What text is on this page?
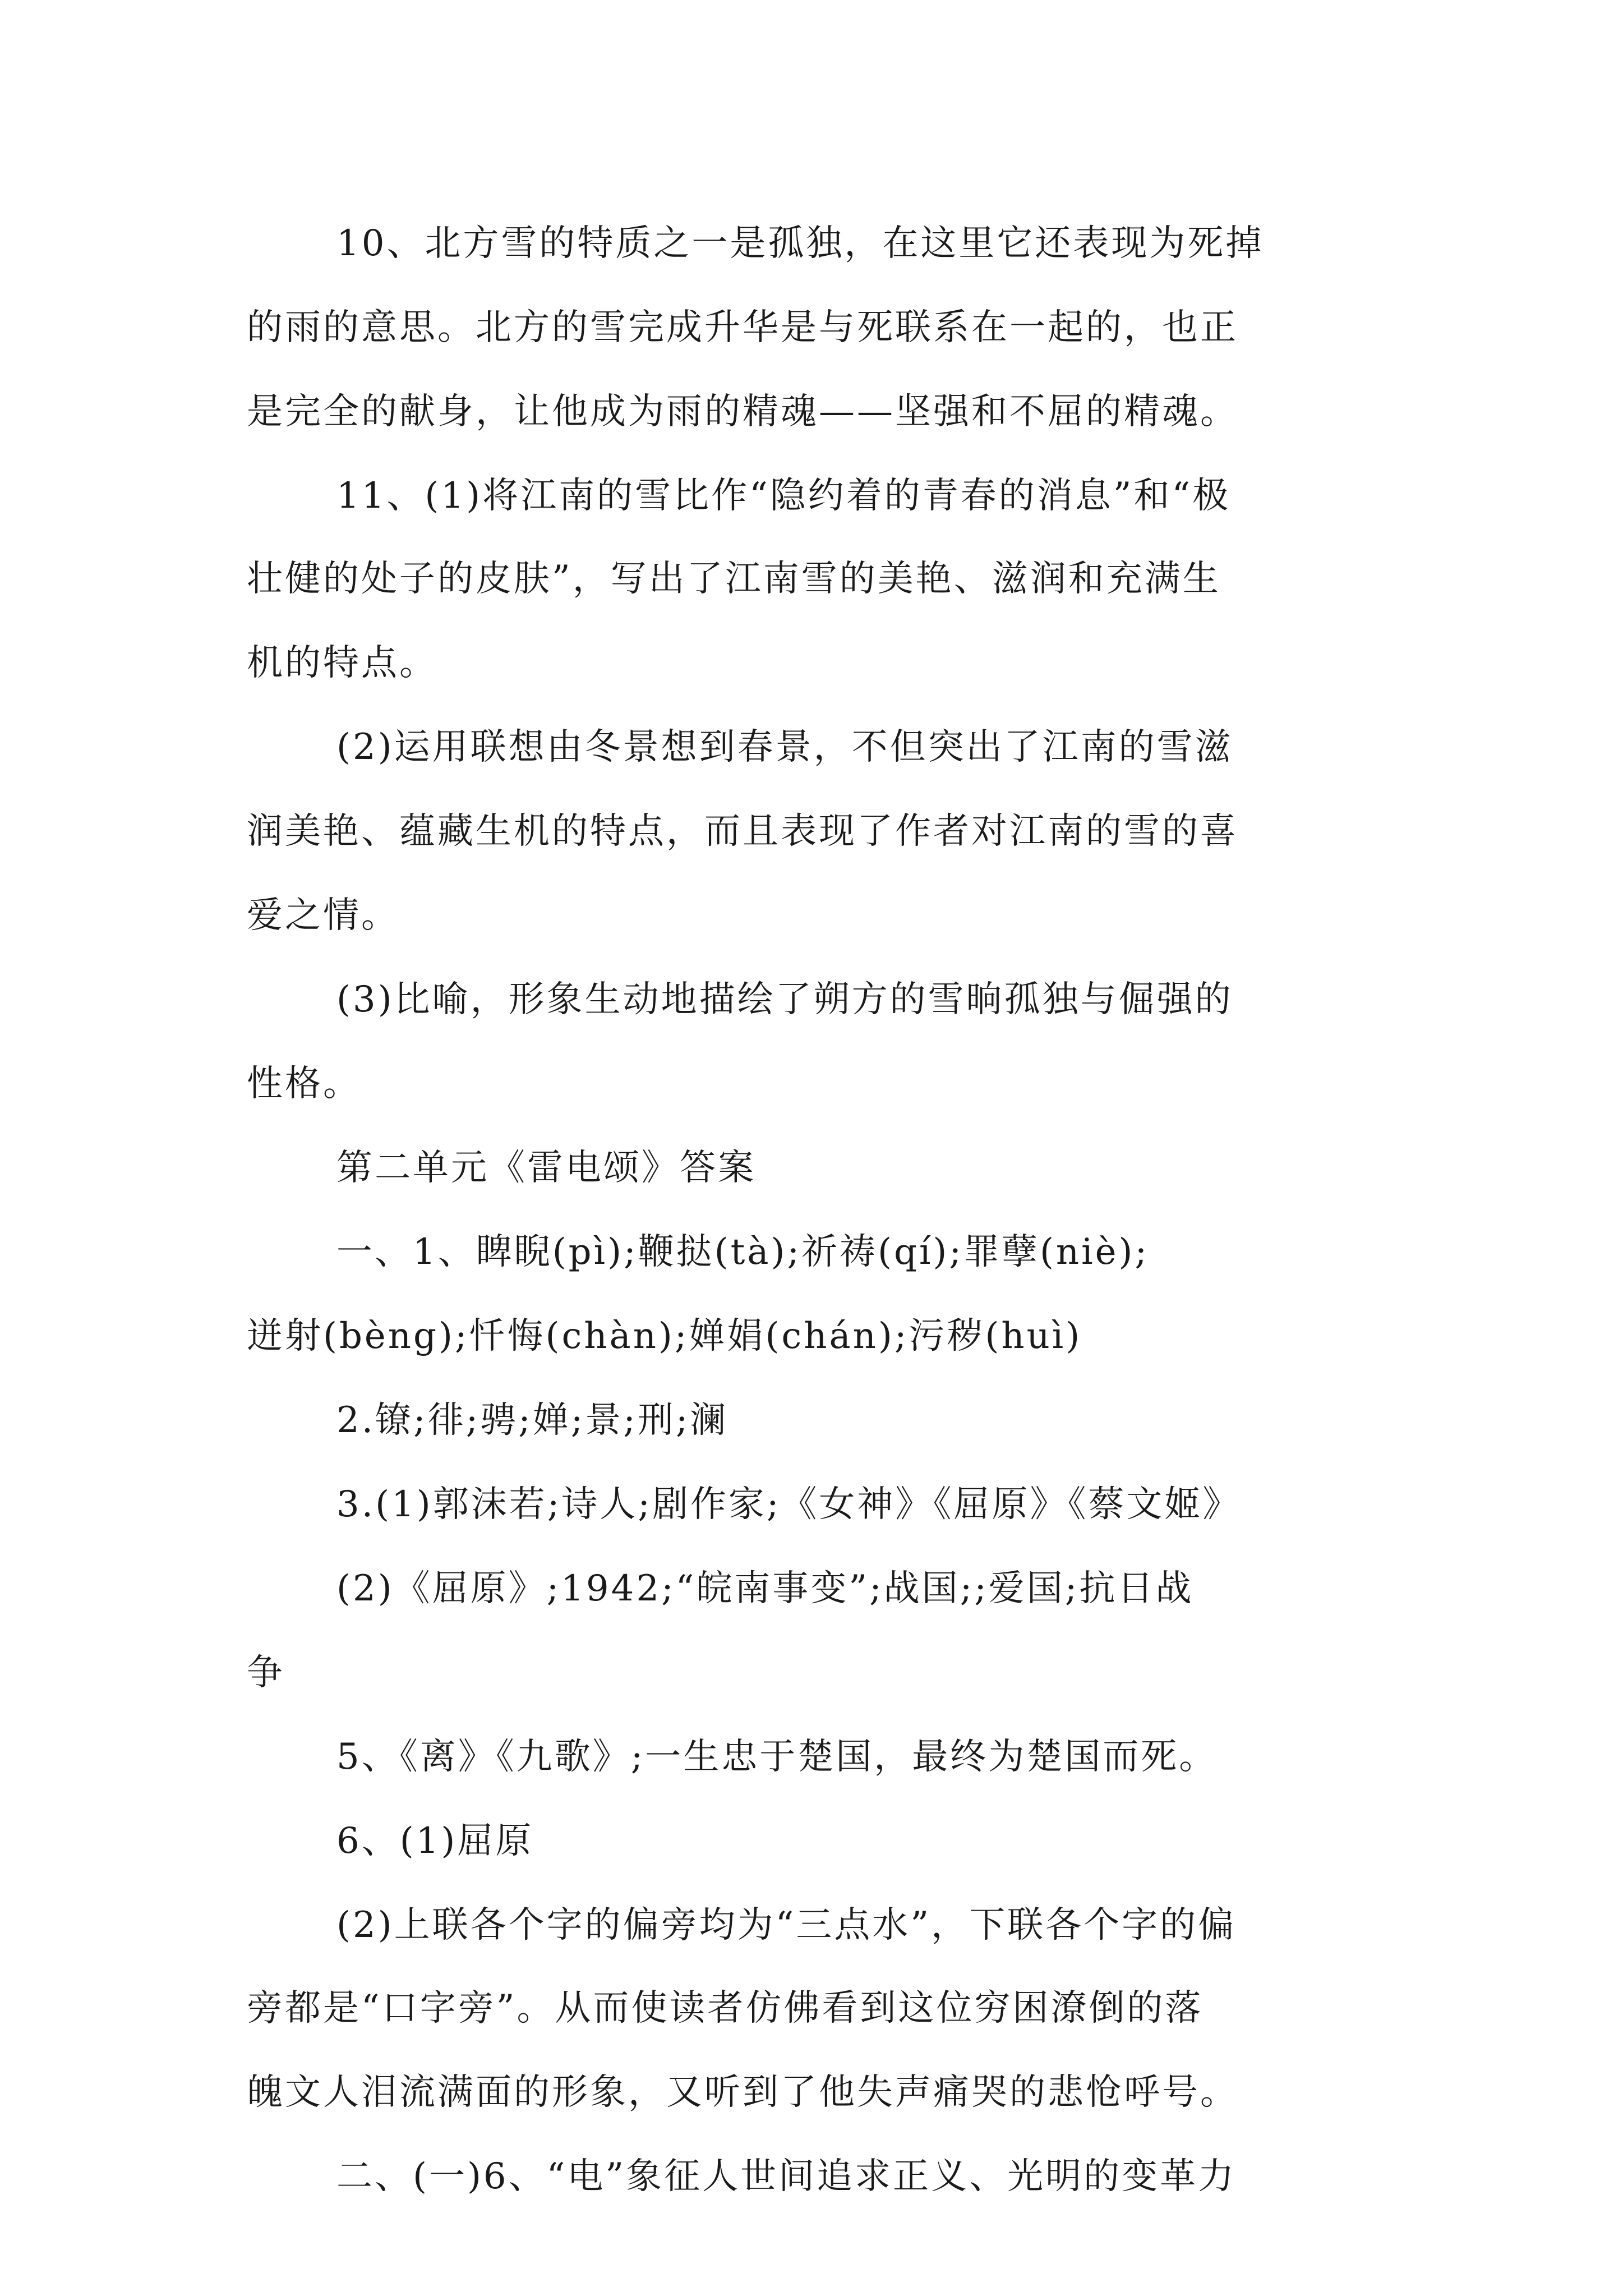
10、北方雪的特质之一是孤独，在这里它还表现为死掉
的雨的意思。北方的雪完成升华是与死联系在一起的，也正
是完全的献身，让他成为雨的精魂——坚强和不屈的精魂。
11、(1)将江南的雪比作“隐约着的青春的消息”和“极
壮健的处子的皮肤”，写出了江南雪的美艳、滋润和充满生
机的特点。
(2)运用联想由冬景想到春景，不但突出了江南的雪滋
润美艳、蕴藏生机的特点，而且表现了作者对江南的雪的喜
爱之情。
(3)比喻，形象生动地描绘了朔方的雪晌孤独与倔强的
性格。
第二单元《雷电颂》答案
一、1、睥睨(pì);鞭挞(tà);祈祷(qí);罪孽(niè);
迸射(bèng);忏悔(chàn);婵娟(chán);污秽(huì)
2.镣;徘;骋;婵;景;刑;澜
3.(1)郭沫若;诗人;剧作家;《女神》《屈原》《蔡文姬》
(2)《屈原》;1942;“皖南事变”;战国;;爱国;抗日战
争
5、《离》《九歌》;一生忠于楚国，最终为楚国而死。
6、(1)屈原
(2)上联各个字的偏旁均为“三点水”，下联各个字的偏
旁都是“口字旁”。从而使读者仿佛看到这位穷困潦倒的落
魄文人泪流满面的形象，又听到了他失声痛哭的悲怆呼号。
二、(一)6、“电”象征人世间追求正义、光明的变革力
